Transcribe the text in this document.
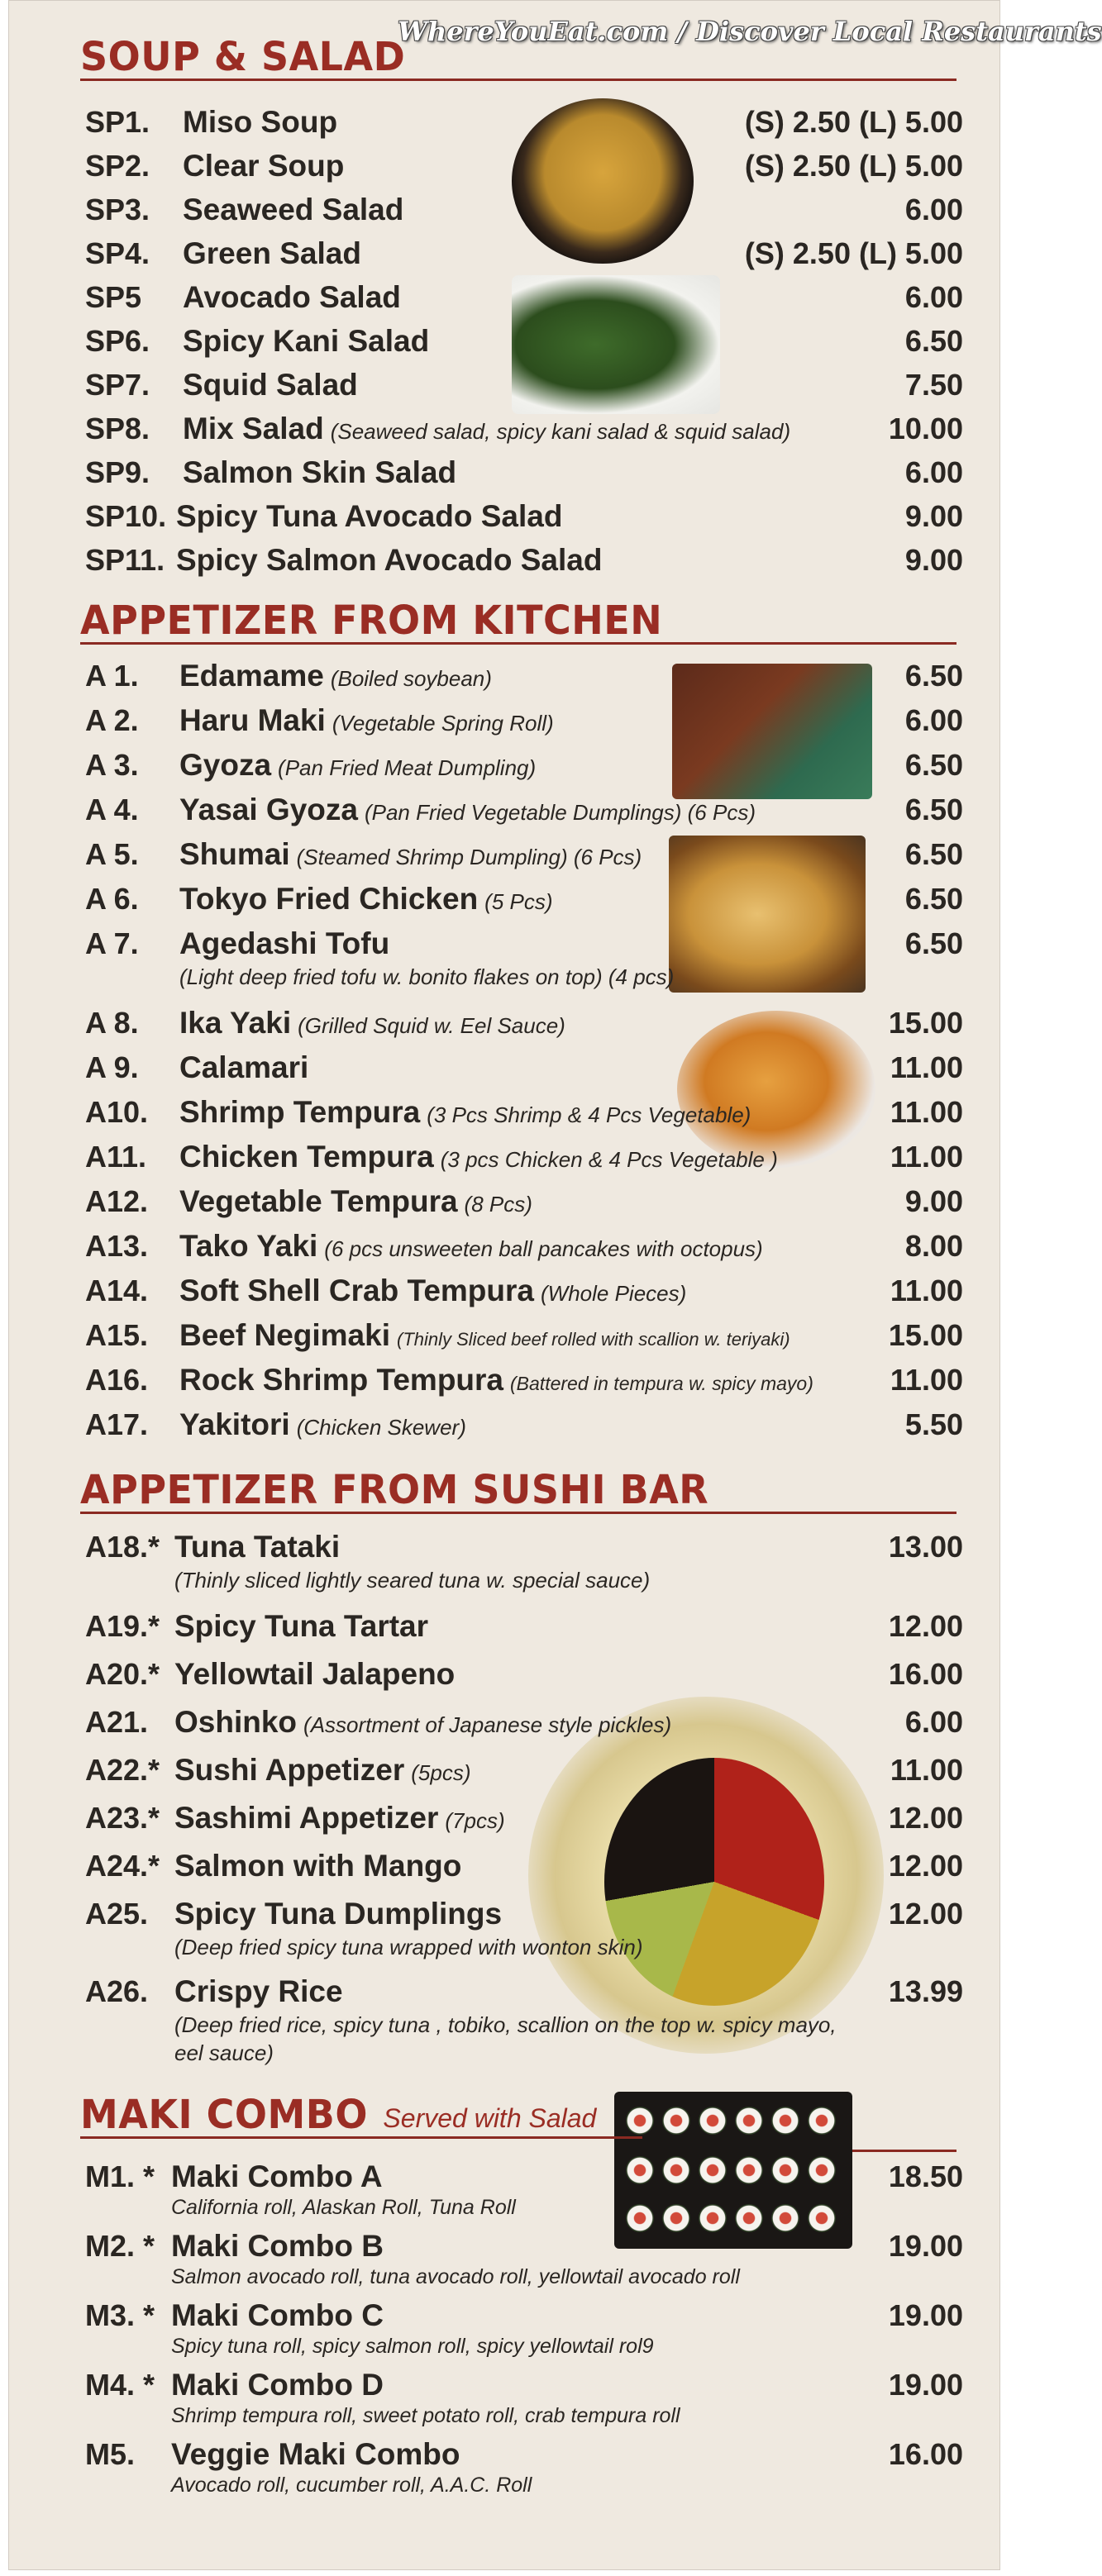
WhereYouEat.com / Discover Local Restaurants
SOUP & SALAD
SP1. Miso Soup	(S) 2.50 (L) 5.00
SP2. Clear Soup	(S) 2.50 (L) 5.00
SP3. Seaweed Salad	6.00
SP4. Green Salad	(S) 2.50 (L) 5.00
SP5 Avocado Salad	6.00
SP6. Spicy Kani Salad	6.50
SP7. Squid Salad	7.50
SP8. Mix Salad (Seaweed salad, spicy kani salad & squid salad)	10.00
SP9. Salmon Skin Salad	6.00
SP10. Spicy Tuna Avocado Salad	9.00
SP11. Spicy Salmon Avocado Salad	9.00
APPETIZER FROM KITCHEN
A 1. Edamame (Boiled soybean)	6.50
A 2. Haru Maki (Vegetable Spring Roll)	6.00
A 3. Gyoza (Pan Fried Meat Dumpling)	6.50
A 4. Yasai Gyoza (Pan Fried Vegetable Dumplings) (6 Pcs)	6.50
A 5. Shumai (Steamed Shrimp Dumpling) (6 Pcs)	6.50
A 6. Tokyo Fried Chicken (5 Pcs)	6.50
A 7. Agedashi Tofu
(Light deep fried tofu w. bonito flakes on top) (4 pcs)
6.50
A 8. Ika Yaki (Grilled Squid w. Eel Sauce)	15.00
A 9. Calamari	11.00
A10. Shrimp Tempura (3 Pcs Shrimp & 4 Pcs Vegetable)	11.00
A11. Chicken Tempura (3 pcs Chicken & 4 Pcs Vegetable )	11.00
A12. Vegetable Tempura (8 Pcs)	9.00
A13. Tako Yaki (6 pcs unsweeten ball pancakes with octopus)	8.00
A14. Soft Shell Crab Tempura (Whole Pieces)	11.00
A15. Beef Negimaki (Thinly Sliced beef rolled with scallion w. teriyaki)	15.00
A16. Rock Shrimp Tempura (Battered in tempura w. spicy mayo)	11.00
A17. Yakitori (Chicken Skewer)	5.50
APPETIZER FROM SUSHI BAR
A18.* Tuna Tataki
(Thinly sliced lightly seared tuna w. special sauce)
13.00
A19.* Spicy Tuna Tartar	12.00
A20.* Yellowtail Jalapeno	16.00
A21. Oshinko (Assortment of Japanese style pickles)	6.00
A22.* Sushi Appetizer (5pcs)	11.00
A23.* Sashimi Appetizer (7pcs)	12.00
A24.* Salmon with Mango	12.00
A25. Spicy Tuna Dumplings
(Deep fried spicy tuna wrapped with wonton skin)
12.00
A26. Crispy Rice
(Deep fried rice, spicy tuna , tobiko, scallion on the top w. spicy mayo,
eel sauce)
13.99
MAKI COMBO Served with Salad
M1. * Maki Combo A
California roll, Alaskan Roll, Tuna Roll
18.50
M2. * Maki Combo B
Salmon avocado roll, tuna avocado roll, yellowtail avocado roll
19.00
M3. * Maki Combo C
Spicy tuna roll, spicy salmon roll, spicy yellowtail rol9
19.00
M4. * Maki Combo D
Shrimp tempura roll, sweet potato roll, crab tempura roll
19.00
M5. Veggie Maki Combo
Avocado roll, cucumber roll, A.A.C. Roll
16.00
